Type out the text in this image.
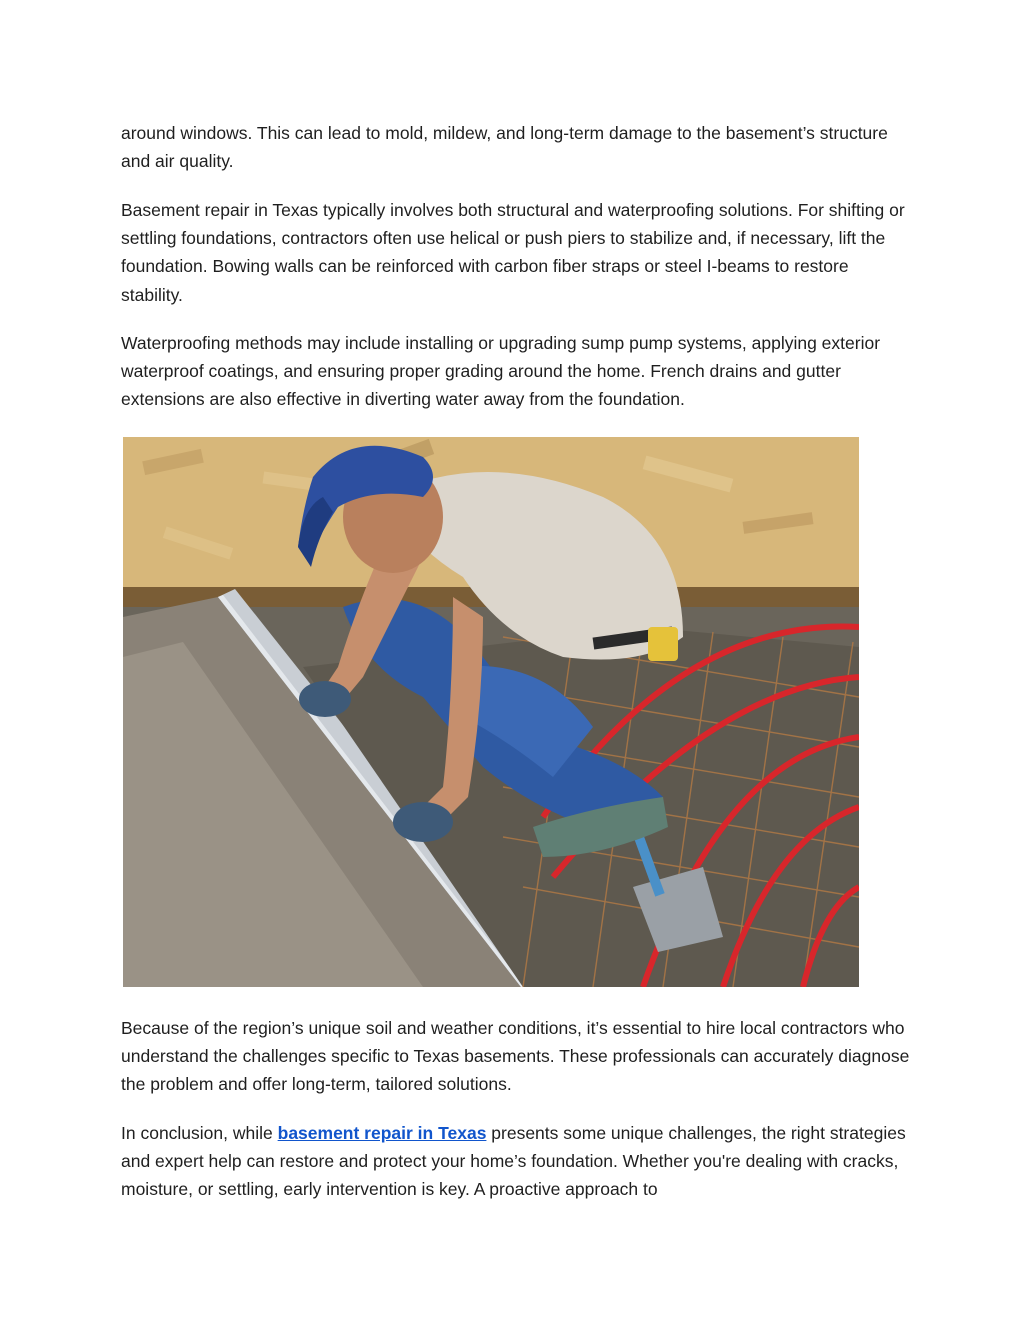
around windows. This can lead to mold, mildew, and long-term damage to the basement’s structure and air quality.

Basement repair in Texas typically involves both structural and waterproofing solutions. For shifting or settling foundations, contractors often use helical or push piers to stabilize and, if necessary, lift the foundation. Bowing walls can be reinforced with carbon fiber straps or steel I-beams to restore stability.

Waterproofing methods may include installing or upgrading sump pump systems, applying exterior waterproof coatings, and ensuring proper grading around the home. French drains and gutter extensions are also effective in diverting water away from the foundation.

Because of the region’s unique soil and weather conditions, it’s essential to hire local contractors who understand the challenges specific to Texas basements. These professionals can accurately diagnose the problem and offer long-term, tailored solutions.

In conclusion, while basement repair in Texas presents some unique challenges, the right strategies and expert help can restore and protect your home’s foundation. Whether you're dealing with cracks, moisture, or settling, early intervention is key. A proactive approach to
